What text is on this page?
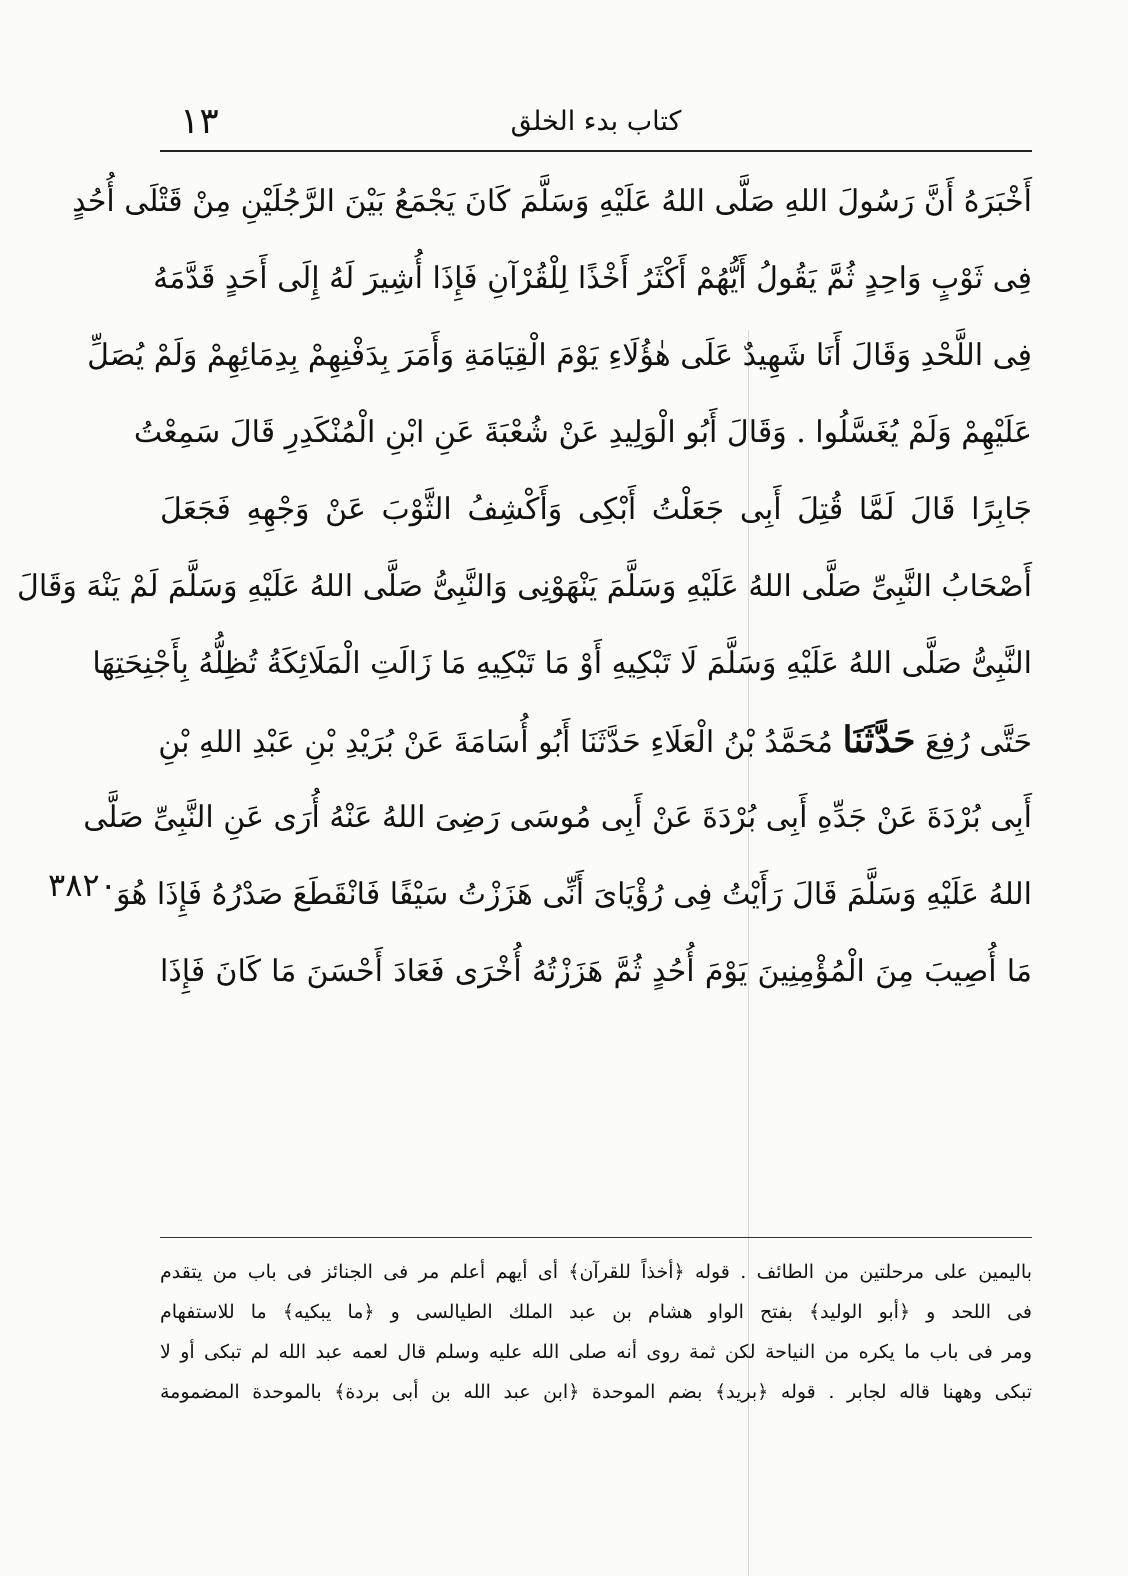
١٣	كتاب بدء الخلق
أَخْبَرَهُ أَنَّ رَسُولَ اللهِ صَلَّى اللهُ عَلَيْهِ وَسَلَّمَ كَانَ يَجْمَعُ بَيْنَ الرَّجُلَيْنِ مِنْ قَتْلَى أُحُدٍ
فِى ثَوْبٍ وَاحِدٍ ثُمَّ يَقُولُ أَيُّهُمْ أَكْثَرُ أَخْذًا لِلْقُرْآنِ فَإِذَا أُشِيرَ لَهُ إِلَى أَحَدٍ قَدَّمَهُ
فِى اللَّحْدِ وَقَالَ أَنَا شَهِيدٌ عَلَى هٰؤُلَاءِ يَوْمَ الْقِيَامَةِ وَأَمَرَ بِدَفْنِهِمْ بِدِمَائِهِمْ وَلَمْ يُصَلِّ
عَلَيْهِمْ وَلَمْ يُغَسَّلُوا . وَقَالَ أَبُو الْوَلِيدِ عَنْ شُعْبَةَ عَنِ ابْنِ الْمُنْكَدِرِ قَالَ سَمِعْتُ
جَابِرًا قَالَ لَمَّا قُتِلَ أَبِى جَعَلْتُ أَبْكِى وَأَكْشِفُ الثَّوْبَ عَنْ وَجْهِهِ فَجَعَلَ
أَصْحَابُ النَّبِىِّ صَلَّى اللهُ عَلَيْهِ وَسَلَّمَ يَنْهَوْنِى وَالنَّبِىُّ صَلَّى اللهُ عَلَيْهِ وَسَلَّمَ لَمْ يَنْهَ وَقَالَ
النَّبِىُّ صَلَّى اللهُ عَلَيْهِ وَسَلَّمَ لَا تَبْكِيهِ أَوْ مَا تَبْكِيهِ مَا زَالَتِ الْمَلَائِكَةُ تُظِلُّهُ بِأَجْنِحَتِهَا
حَتَّى رُفِعَ حَدَّثَنَا مُحَمَّدُ بْنُ الْعَلَاءِ حَدَّثَنَا أَبُو أُسَامَةَ عَنْ بُرَيْدِ بْنِ عَبْدِ اللهِ بْنِ
أَبِى بُرْدَةَ عَنْ جَدِّهِ أَبِى بُرْدَةَ عَنْ أَبِى مُوسَى رَضِىَ اللهُ عَنْهُ أُرَى عَنِ النَّبِىِّ صَلَّى
اللهُ عَلَيْهِ وَسَلَّمَ قَالَ رَأَيْتُ فِى رُؤْيَاىَ أَنِّى هَزَزْتُ سَيْفًا فَانْقَطَعَ صَدْرُهُ فَإِذَا هُوَ
مَا أُصِيبَ مِنَ الْمُؤْمِنِينَ يَوْمَ أُحُدٍ ثُمَّ هَزَزْتُهُ أُخْرَى فَعَادَ أَحْسَنَ مَا كَانَ فَإِذَا
٣٨٢٠
باليمين على مرحلتين من الطائف . قوله ﴿أخذاً للقرآن﴾ أى أيهم أعلم مر فى الجنائز فى باب من يتقدم
فى اللحد و ﴿أبو الوليد﴾ بفتح الواو هشام بن عبد الملك الطيالسى و ﴿ما يبكيه﴾ ما للاستفهام
ومر فى باب ما يكره من النياحة لكن ثمة روى أنه صلى الله عليه وسلم قال لعمه عبد الله لم تبكى أو لا
تبكى وههنا قاله لجابر . قوله ﴿بريد﴾ بضم الموحدة ﴿ابن عبد الله بن أبى بردة﴾ بالموحدة المضمومة
